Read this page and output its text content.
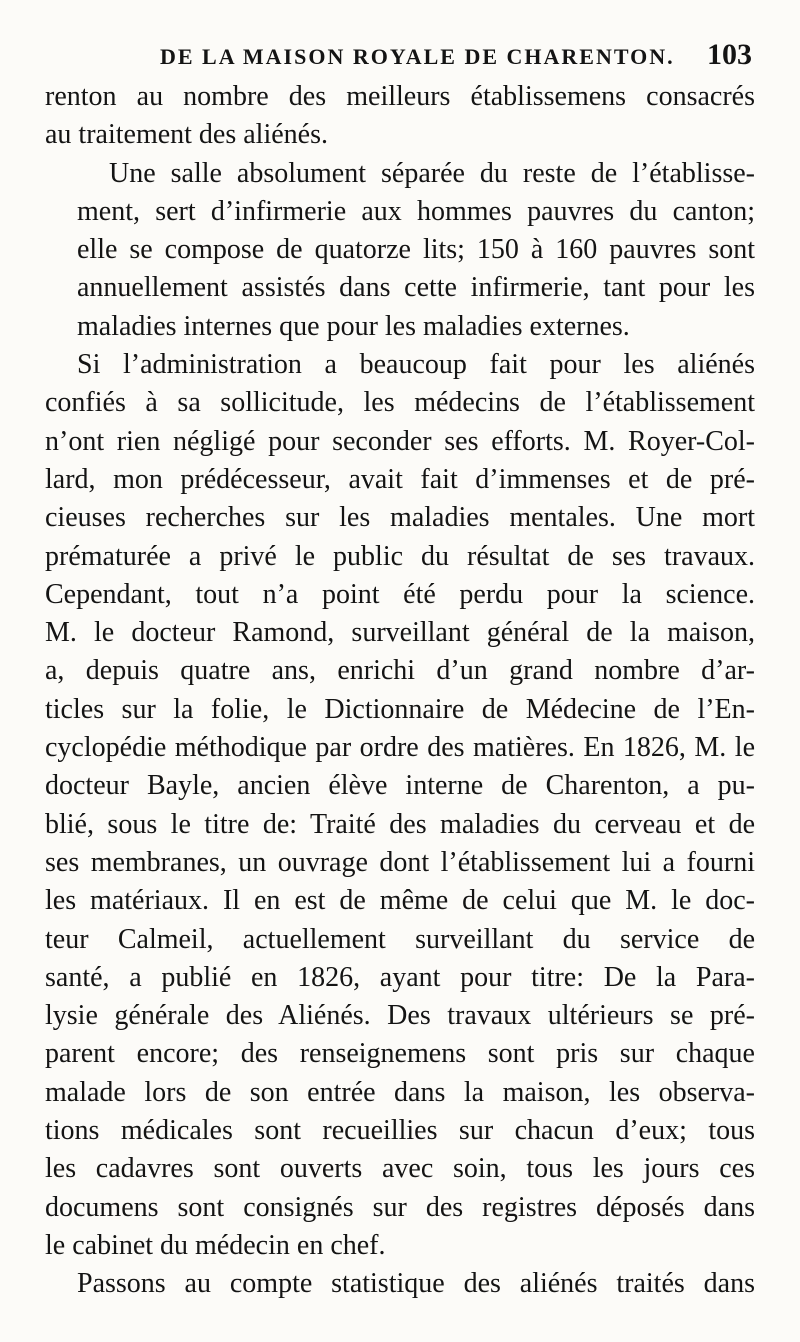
DE LA MAISON ROYALE DE CHARENTON. 103

renton au nombre des meilleurs établissemens consacrés
au traitement des aliénés.

Une salle absolument séparée du reste de l’établisse-
ment, sert d’infirmerie aux hommes pauvres du canton;
elle se compose de quatorze lits; 150 à 160 pauvres sont
annuellement assistés dans cette infirmerie, tant pour les
maladies internes que pour les maladies externes.

Si l’administration a beaucoup fait pour les aliénés
confiés à sa sollicitude, les médecins de l’établissement
n’ont rien négligé pour seconder ses efforts. M. Royer-Col-
lard, mon prédécesseur, avait fait d’immenses et de pré-
cieuses recherches sur les maladies mentales. Une mort
prématurée a privé le public du résultat de ses travaux.
Cependant, tout n’a point été perdu pour la science.
M. le docteur Ramond, surveillant général de la maison,
a, depuis quatre ans, enrichi d’un grand nombre d’ar-
ticles sur la folie, le Dictionnaire de Médecine de l’En-
cyclopédie méthodique par ordre des matières. En 1826, M. le
docteur Bayle, ancien élève interne de Charenton, a pu-
blié, sous le titre de: Traité des maladies du cerveau et de
ses membranes, un ouvrage dont l’établissement lui a fourni
les matériaux. Il en est de même de celui que M. le doc-
teur Calmeil, actuellement surveillant du service de
santé, a publié en 1826, ayant pour titre: De la Para-
lysie générale des Aliénés. Des travaux ultérieurs se pré-
parent encore; des renseignemens sont pris sur chaque
malade lors de son entrée dans la maison, les observa-
tions médicales sont recueillies sur chacun d’eux; tous
les cadavres sont ouverts avec soin, tous les jours ces
documens sont consignés sur des registres déposés dans
le cabinet du médecin en chef.

Passons au compte statistique des aliénés traités dans
